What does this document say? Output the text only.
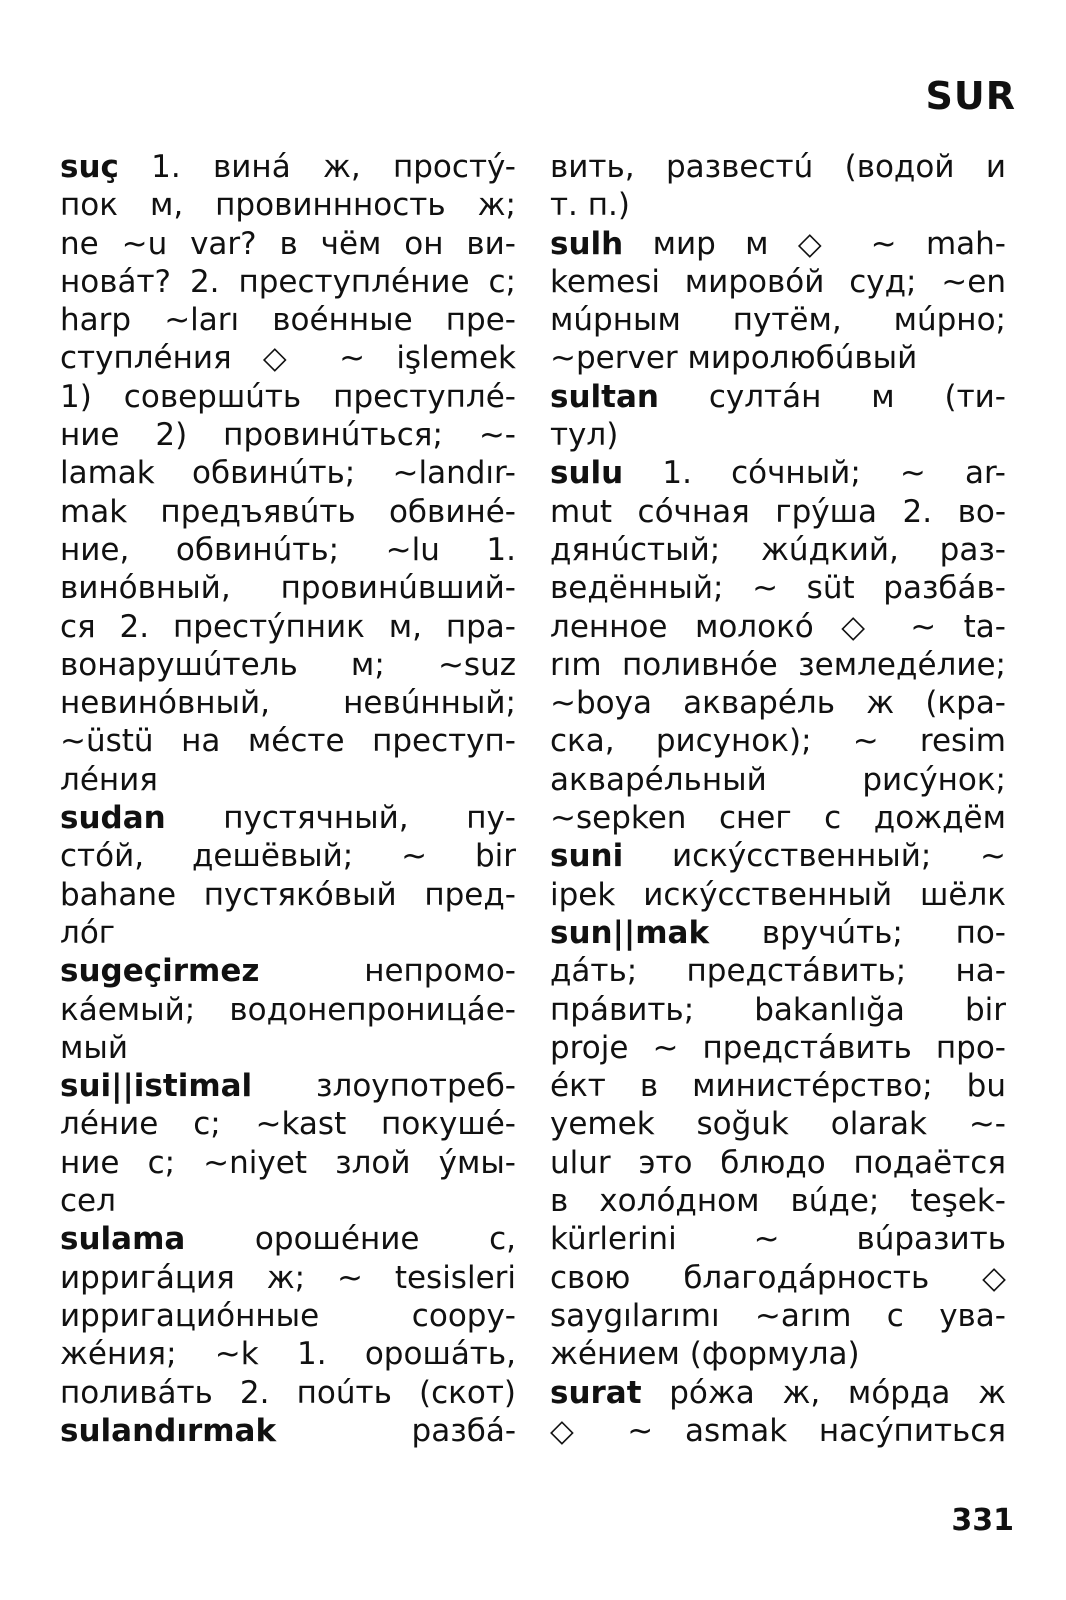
SUR
suç 1. винá ж, простý-
пок м, провиннность ж;
ne ~u var? в чём он ви-
новáт? 2. преступлéние с;
harp ~ları воéнные пре-
ступлéния ◇ ~ işlemek
1) совершúть преступлé-
ние 2) провинúться; ~-
lamak обвинúть; ~landır-
mak предъявúть обвинé-
ние, обвинúть; ~lu 1.
винóвный, провинúвший-
ся 2. престýпник м, пра-
вонарушúтель м; ~suz
невинóвный, невúнный;
~üstü на мéсте преступ-
лéния
sudan пустячный, пу-
стóй, дешёвый; ~ bir
bahane пустякóвый пред-
лóг
sugeçirmez непромо-
кáемый; водонепроницáе-
мый
sui||istimal злоупотреб-
лéние с; ~kast покушé-
ние с; ~niyet злой ýмы-
сел
sulama орошéние с,
ирригáция ж; ~ tesisleri
ирригациóнные соору-
жéния; ~k 1. орошáть,
поливáть 2. поúть (скот)
sulandırmak разбá-
вить, развестú (водой и
т. п.)
sulh мир м ◇ ~ mah-
kemesi мировóй суд; ~en
мúрным путём, мúрно;
~perver миролюбúвый
sultan султáн м (ти-
тул)
sulu 1. сóчный; ~ ar-
mut сóчная грýша 2. во-
дянúстый; жúдкий, раз-
ведённый; ~ süt разбáв-
ленное молокó ◇ ~ ta-
rım поливнóе земледéлие;
~boya акварéль ж (кра-
ска, рисунок); ~ resim
акварéльный рисýнок;
~sepken снег с дождём
suni искýсственный; ~
ipek искýсственный шёлк
sun||mak вручúть; по-
дáть; предстáвить; на-
прáвить; bakanlığa bir
proje ~ предстáвить про-
éкт в министéрство; bu
yemek soğuk olarak ~-
ulur это блюдо подаётся
в холóдном вúде; teşek-
kürlerini ~ вúразить
свою благодáрность ◇
saygılarımı ~arım с ува-
жéнием (формула)
surat рóжа ж, мóрда ж
◇ ~ asmak насýпиться
331
